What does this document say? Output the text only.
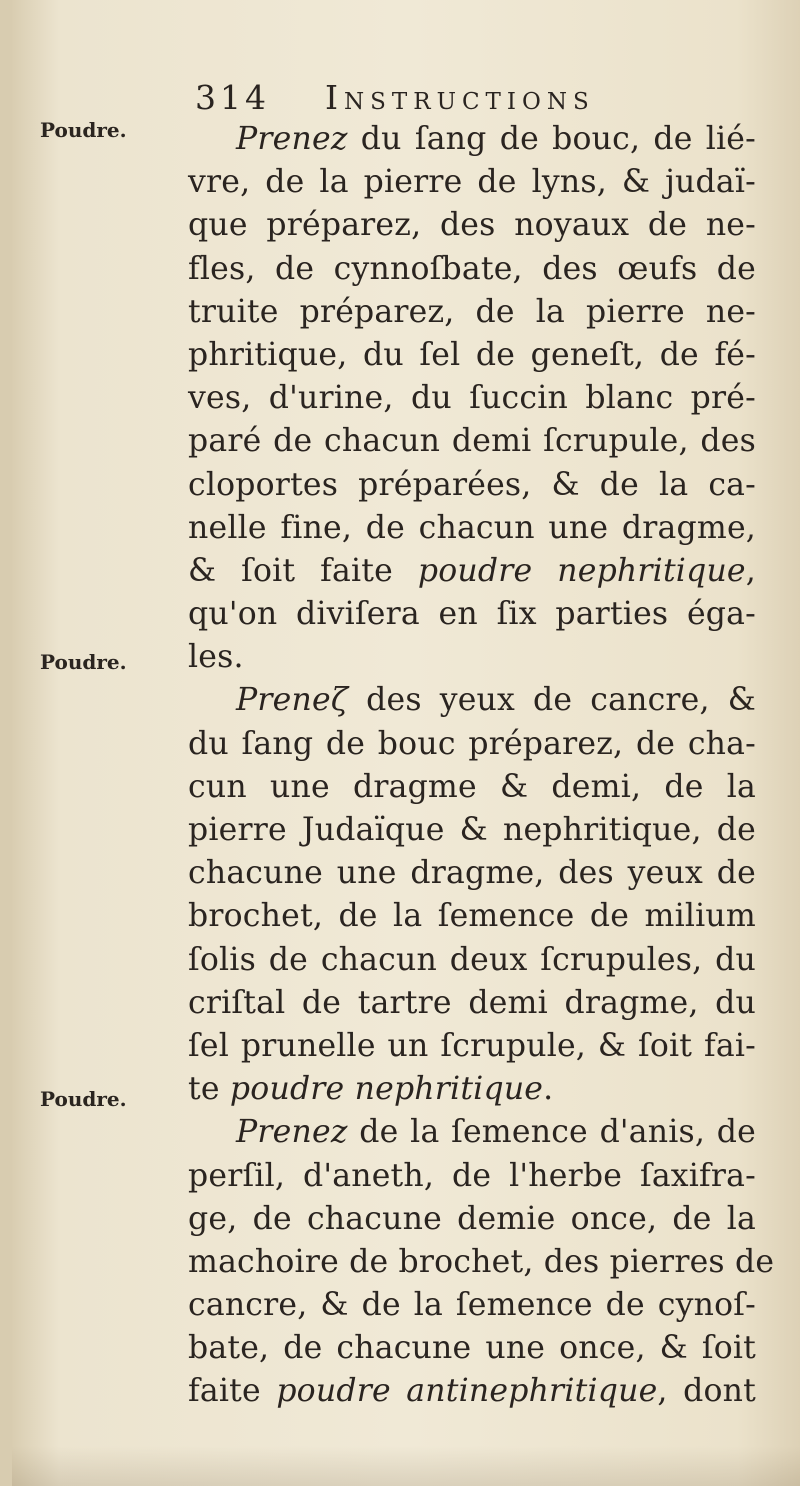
314 Instructions
Poudre.
Poudre.
Poudre.
Prenez du ſang de bouc, de lié-
vre, de la pierre de lyns, & judaï-
que préparez, des noyaux de ne-
fles, de cynnoſbate, des œufs de
truite préparez, de la pierre ne-
phritique, du ſel de geneſt, de fé-
ves, d'urine, du ſuccin blanc pré-
paré de chacun demi ſcrupule, des
cloportes préparées, & de la ca-
nelle fine, de chacun une dragme,
& ſoit faite poudre nephritique,
qu'on diviſera en ſix parties éga-
les.
Preneζ des yeux de cancre, &
du ſang de bouc préparez, de cha-
cun une dragme & demi, de la
pierre Judaïque & nephritique, de
chacune une dragme, des yeux de
brochet, de la ſemence de milium
ſolis de chacun deux ſcrupules, du
criſtal de tartre demi dragme, du
ſel prunelle un ſcrupule, & ſoit fai-
te poudre nephritique.
Prenez de la ſemence d'anis, de
perſil, d'aneth, de l'herbe ſaxifra-
ge, de chacune demie once, de la
machoire de brochet, des pierres de
cancre, & de la ſemence de cynoſ-
bate, de chacune une once, & ſoit
faite poudre antinephritique, dont
